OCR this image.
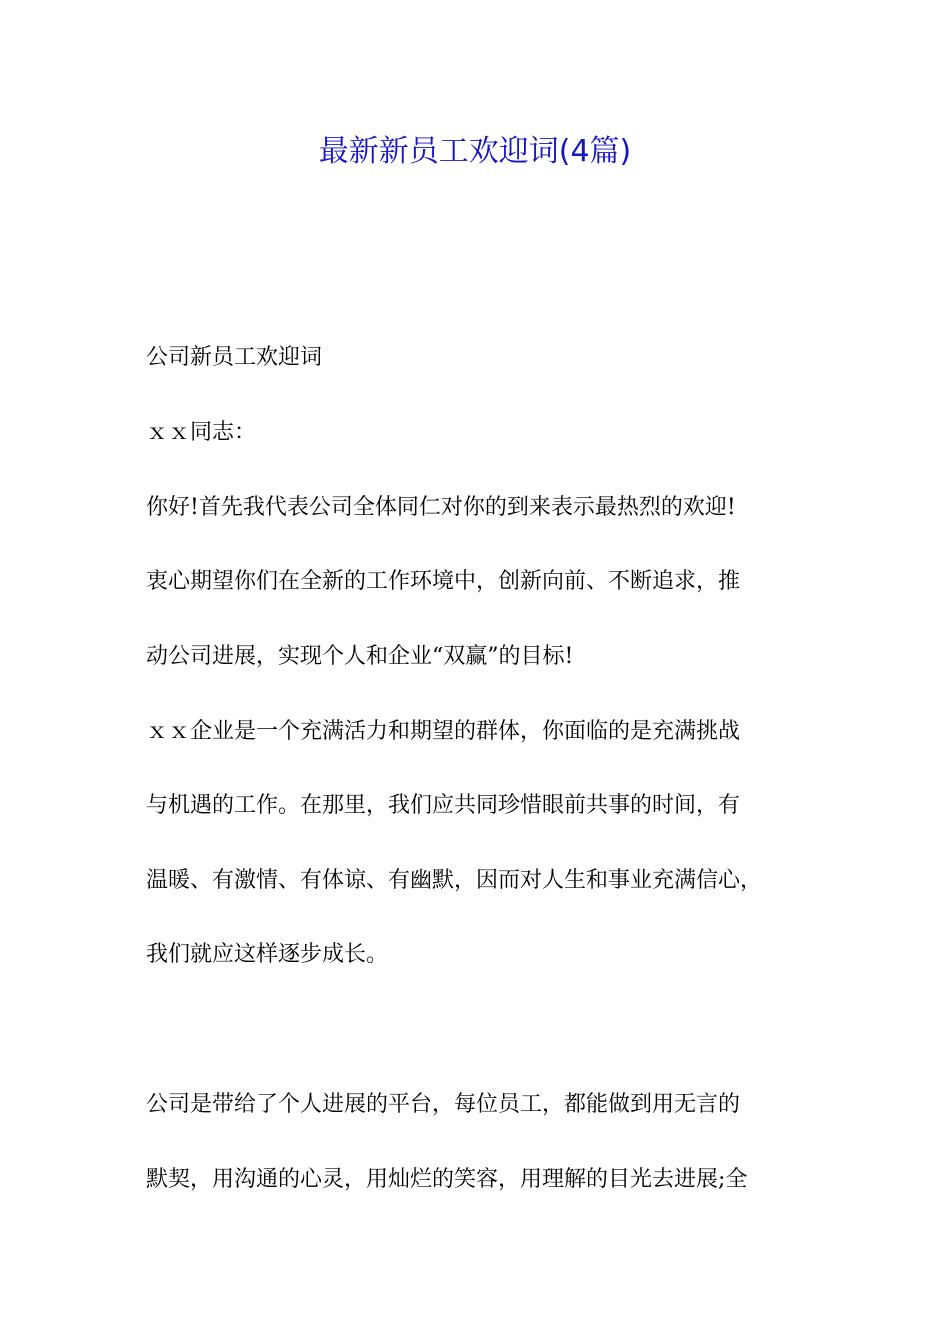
最新新员工欢迎词(4篇)

公司新员工欢迎词

ｘｘ同志：

你好!首先我代表公司全体同仁对你的到来表示最热烈的欢迎!

衷心期望你们在全新的工作环境中，创新向前、不断追求，推

动公司进展，实现个人和企业“双赢”的目标!

ｘｘ企业是一个充满活力和期望的群体，你面临的是充满挑战

与机遇的工作。在那里，我们应共同珍惜眼前共事的时间，有

温暖、有激情、有体谅、有幽默，因而对人生和事业充满信心，

我们就应这样逐步成长。

公司是带给了个人进展的平台，每位员工，都能做到用无言的

默契，用沟通的心灵，用灿烂的笑容，用理解的目光去进展;全
